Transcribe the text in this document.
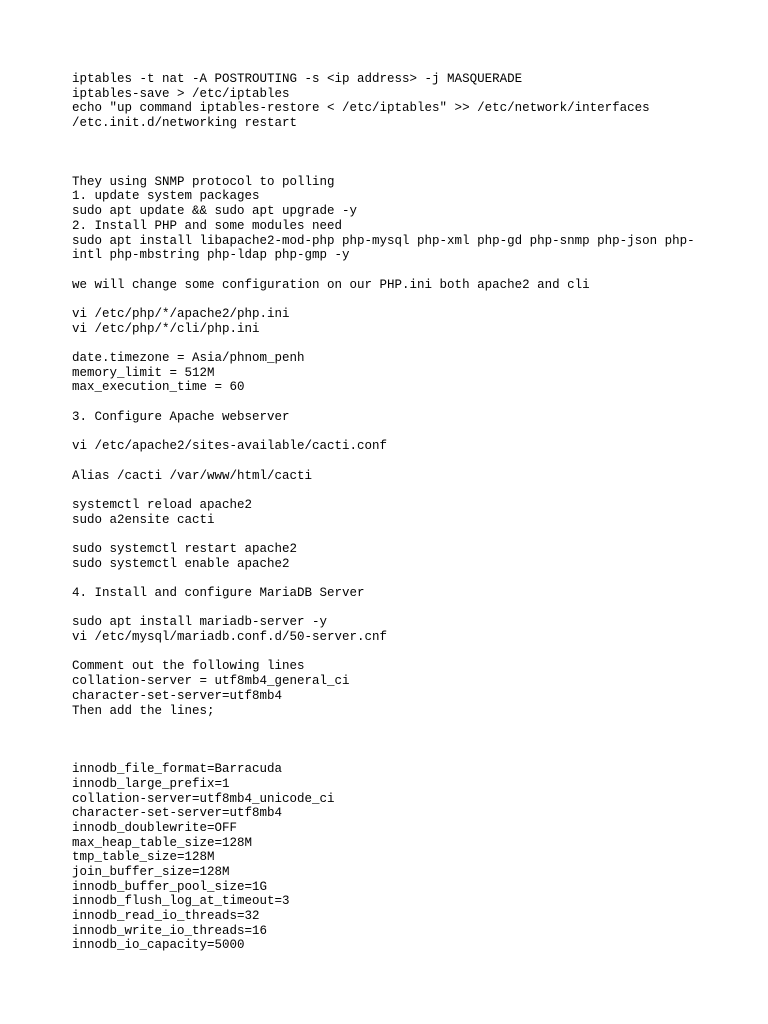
iptables -t nat -A POSTROUTING -s <ip address> -j MASQUERADE
iptables-save > /etc/iptables
echo "up command iptables-restore < /etc/iptables" >> /etc/network/interfaces
/etc.init.d/networking restart
They using SNMP protocol to polling
1. update system packages
sudo apt update && sudo apt upgrade -y
2. Install PHP and some modules need
sudo apt install libapache2-mod-php php-mysql php-xml php-gd php-snmp php-json php-
intl php-mbstring php-ldap php-gmp -y
we will change some configuration on our PHP.ini both apache2 and cli
vi /etc/php/*/apache2/php.ini
vi /etc/php/*/cli/php.ini
date.timezone = Asia/phnom_penh
memory_limit = 512M
max_execution_time = 60
3. Configure Apache webserver
vi /etc/apache2/sites-available/cacti.conf
Alias /cacti /var/www/html/cacti
systemctl reload apache2
sudo a2ensite cacti
sudo systemctl restart apache2
sudo systemctl enable apache2
4. Install and configure MariaDB Server
sudo apt install mariadb-server -y
vi /etc/mysql/mariadb.conf.d/50-server.cnf
Comment out the following lines
collation-server = utf8mb4_general_ci
character-set-server=utf8mb4
Then add the lines;
innodb_file_format=Barracuda
innodb_large_prefix=1
collation-server=utf8mb4_unicode_ci
character-set-server=utf8mb4
innodb_doublewrite=OFF
max_heap_table_size=128M
tmp_table_size=128M
join_buffer_size=128M
innodb_buffer_pool_size=1G
innodb_flush_log_at_timeout=3
innodb_read_io_threads=32
innodb_write_io_threads=16
innodb_io_capacity=5000
